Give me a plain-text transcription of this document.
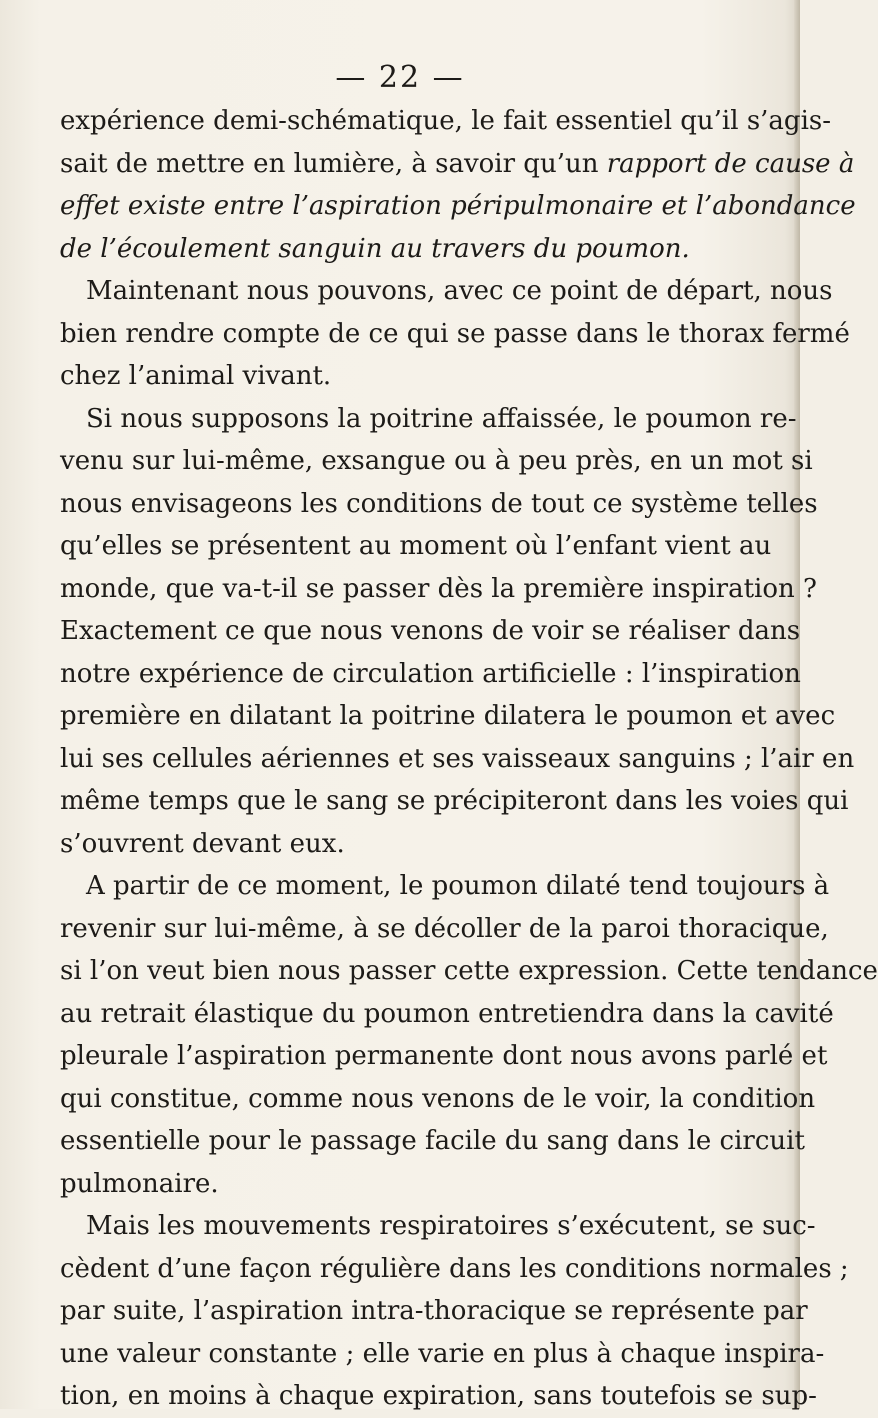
— 22 —
expérience demi-schématique, le fait essentiel qu’il s’agis-
sait de mettre en lumière, à savoir qu’un rapport de cause à
effet existe entre l’aspiration péripulmonaire et l’abondance
de l’écoulement sanguin au travers du poumon.
Maintenant nous pouvons, avec ce point de départ, nous
bien rendre compte de ce qui se passe dans le thorax fermé
chez l’animal vivant.
Si nous supposons la poitrine affaissée, le poumon re-
venu sur lui-même, exsangue ou à peu près, en un mot si
nous envisageons les conditions de tout ce système telles
qu’elles se présentent au moment où l’enfant vient au
monde, que va-t-il se passer dès la première inspiration ?
Exactement ce que nous venons de voir se réaliser dans
notre expérience de circulation artificielle : l’inspiration
première en dilatant la poitrine dilatera le poumon et avec
lui ses cellules aériennes et ses vaisseaux sanguins ; l’air en
même temps que le sang se précipiteront dans les voies qui
s’ouvrent devant eux.
A partir de ce moment, le poumon dilaté tend toujours à
revenir sur lui-même, à se décoller de la paroi thoracique,
si l’on veut bien nous passer cette expression. Cette tendance
au retrait élastique du poumon entretiendra dans la cavité
pleurale l’aspiration permanente dont nous avons parlé et
qui constitue, comme nous venons de le voir, la condition
essentielle pour le passage facile du sang dans le circuit
pulmonaire.
Mais les mouvements respiratoires s’exécutent, se suc-
cèdent d’une façon régulière dans les conditions normales ;
par suite, l’aspiration intra-thoracique se représente par
une valeur constante ; elle varie en plus à chaque inspira-
tion, en moins à chaque expiration, sans toutefois se sup-
